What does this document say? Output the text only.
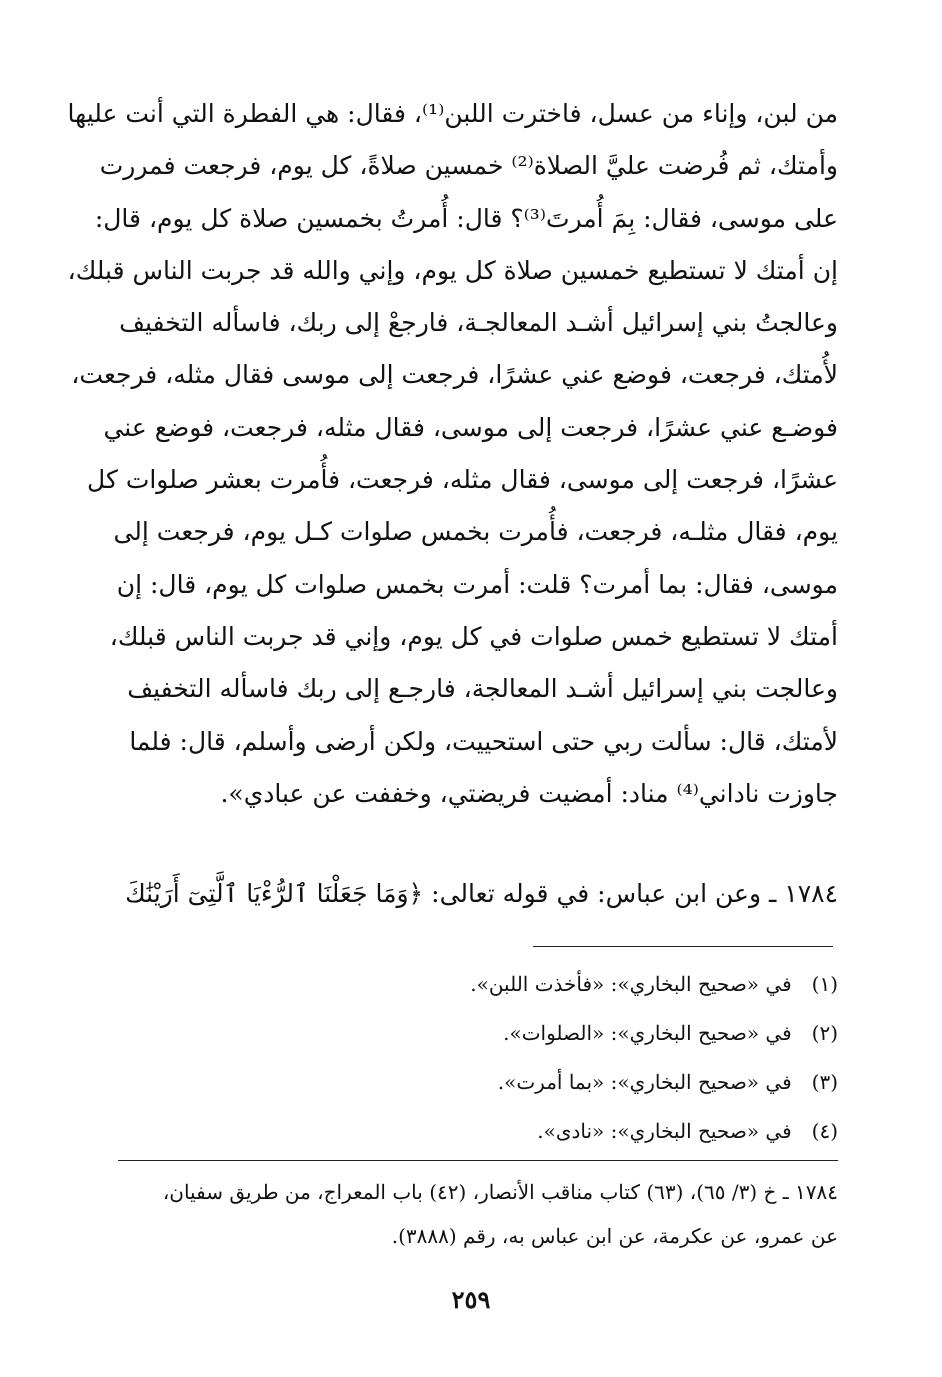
من لبن، وإناء من عسل، فاخترت اللبن⁽¹⁾، فقال: هي الفطرة التي أنت عليها
وأمتك، ثم فُرضت عليَّ الصلاة⁽²⁾ خمسين صلاةً، كل يوم، فرجعت فمررت
على موسى، فقال: بِمَ أُمرتَ⁽³⁾؟ قال: أُمرتُ بخمسين صلاة كل يوم، قال:
إن أمتك لا تستطيع خمسين صلاة كل يوم، وإني والله قد جربت الناس قبلك،
وعالجتُ بني إسرائيل أشـد المعالجـة، فارجعْ إلى ربك، فاسأله التخفيف
لأُمتك، فرجعت، فوضع عني عشرًا، فرجعت إلى موسى فقال مثله، فرجعت،
فوضـع عني عشرًا، فرجعت إلى موسى، فقال مثله، فرجعت، فوضع عني
عشرًا، فرجعت إلى موسى، فقال مثله، فرجعت، فأُمرت بعشر صلوات كل
يوم، فقال مثلـه، فرجعت، فأُمرت بخمس صلوات كـل يوم، فرجعت إلى
موسى، فقال: بما أمرت؟ قلت: أمرت بخمس صلوات كل يوم، قال: إن
أمتك لا تستطيع خمس صلوات في كل يوم، وإني قد جربت الناس قبلك،
وعالجت بني إسرائيل أشـد المعالجة، فارجـع إلى ربك فاسأله التخفيف
لأمتك، قال: سألت ربي حتى استحييت، ولكن أرضى وأسلم، قال: فلما
جاوزت ناداني⁽⁴⁾ مناد: أمضيت فريضتي، وخففت عن عبادي».
١٧٨٤ ـ وعن ابن عباس: في قوله تعالى: ﴿وَمَا جَعَلْنَا ٱلرُّءْيَا ٱلَّتِىٓ أَرَيْنَٰكَ
(١) في «صحيح البخاري»: «فأخذت اللبن».
(٢) في «صحيح البخاري»: «الصلوات».
(٣) في «صحيح البخاري»: «بما أمرت».
(٤) في «صحيح البخاري»: «نادى».
١٧٨٤ ـ خ (٣/ ٦٥)، (٦٣) كتاب مناقب الأنصار، (٤٢) باب المعراج، من طريق سفيان،
عن عمرو، عن عكرمة، عن ابن عباس به، رقم (٣٨٨٨).
٢٥٩
